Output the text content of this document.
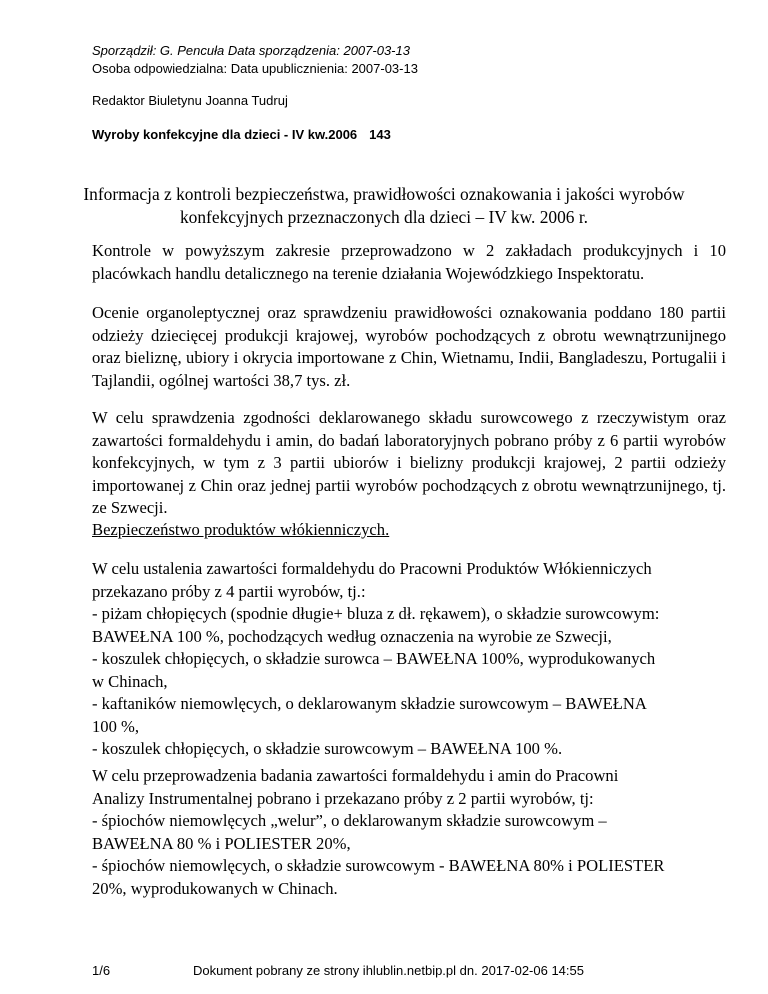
Sporządził: G. Pencuła Data sporządzenia: 2007-03-13
Osoba odpowiedzialna: Data upublicznienia: 2007-03-13
Redaktor Biuletynu Joanna Tudruj
Wyroby konfekcyjne dla dzieci - IV kw.2006 143

Informacja z kontroli bezpieczeństwa, prawidłowości oznakowania i jakości wyrobów

konfekcyjnych przeznaczonych dla dzieci – IV kw. 2006 r.

Kontrole w powyższym zakresie przeprowadzono w 2 zakładach produkcyjnych i 10 placówkach handlu detalicznego na terenie działania Wojewódzkiego Inspektoratu.

Ocenie organoleptycznej oraz sprawdzeniu prawidłowości oznakowania poddano 180 partii odzieży dziecięcej produkcji krajowej, wyrobów pochodzących z obrotu wewnątrzunijnego oraz bieliznę, ubiory i okrycia importowane z Chin, Wietnamu, Indii, Bangladeszu, Portugalii i Tajlandii, ogólnej wartości 38,7 tys. zł.

W celu sprawdzenia zgodności deklarowanego składu surowcowego z rzeczywistym oraz zawartości formaldehydu i amin, do badań laboratoryjnych pobrano próby z 6 partii wyrobów konfekcyjnych, w tym z 3 partii ubiorów i bielizny produkcji krajowej, 2 partii odzieży importowanej z Chin oraz jednej partii wyrobów pochodzących z obrotu wewnątrzunijnego, tj. ze Szwecji.

Bezpieczeństwo produktów włókienniczych.

W celu ustalenia zawartości formaldehydu do Pracowni Produktów Włókienniczych

przekazano próby z 4 partii wyrobów, tj.:

- piżam chłopięcych (spodnie długie+ bluza z dł. rękawem), o składzie surowcowym:

BAWEŁNA 100 %, pochodzących według oznaczenia na wyrobie ze Szwecji,

- koszulek chłopięcych, o składzie surowca – BAWEŁNA 100%, wyprodukowanych

w Chinach,

- kaftaników niemowlęcych, o deklarowanym składzie surowcowym – BAWEŁNA

100 %,

- koszulek chłopięcych, o składzie surowcowym – BAWEŁNA 100 %.

W celu przeprowadzenia badania zawartości formaldehydu i amin do Pracowni

Analizy Instrumentalnej pobrano i przekazano próby z 2 partii wyrobów, tj:

- śpiochów niemowlęcych „welur”, o deklarowanym składzie surowcowym –

BAWEŁNA 80 % i POLIESTER 20%,

- śpiochów niemowlęcych, o składzie surowcowym - BAWEŁNA 80% i POLIESTER

20%, wyprodukowanych w Chinach.

1/6	Dokument pobrany ze strony ihlublin.netbip.pl dn. 2017-02-06 14:55
